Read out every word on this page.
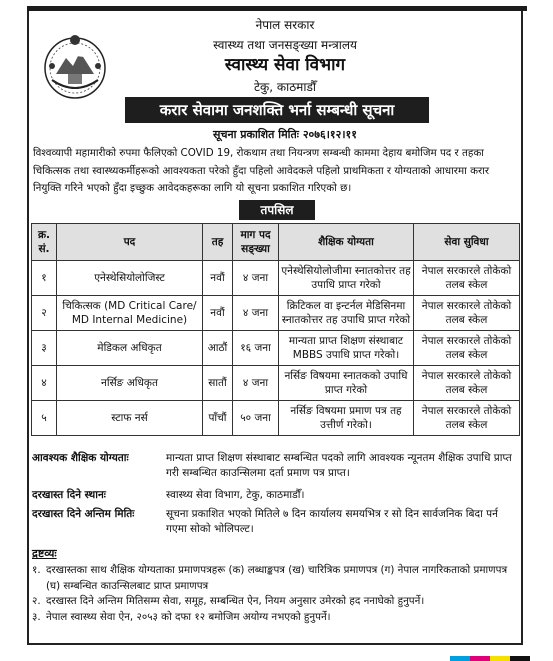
नेपाल सरकार
स्वास्थ्य तथा जनसङ्ख्या मन्त्रालय
स्वास्थ्य सेवा विभाग
टेकु, काठमाडौँ
करार सेवामा जनशक्ति भर्ना सम्बन्धी सूचना
सूचना प्रकाशित मितिः २०७६।१२।११
विश्वव्यापी महामारीको रुपमा फैलिएको COVID 19, रोकथाम तथा नियन्त्रण सम्बन्धी काममा देहाय बमोजिम पद र तहका चिकित्सक तथा स्वास्थ्यकर्मीहरूको आवश्यकता परेको हुँदा पहिलो आवेदकले पहिलो प्राथमिकता र योग्यताको आधारमा करार नियुक्ति गरिने भएको हुँदा इच्छुक आवेदकहरूका लागि यो सूचना प्रकाशित गरिएको छ।
तपसिल
क्र. सं.	पद	तह	माग पद सङ्ख्या	शैक्षिक योग्यता	सेवा सुविधा
१	एनेस्थेसियोलोजिस्ट	नवौं	४ जना	एनेस्थेसियोलोजीमा स्नातकोत्तर तह उपाधि प्राप्त गरेको	नेपाल सरकारले तोकेको तलब स्केल
२	चिकित्सक (MD Critical Care/ MD Internal Medicine)	नवौं	४ जना	क्रिटिकल वा इन्टर्नल मेडिसिनमा स्नातकोत्तर तह उपाधि प्राप्त गरेको	नेपाल सरकारले तोकेको तलब स्केल
३	मेडिकल अधिकृत	आठौं	१६ जना	मान्यता प्राप्त शिक्षण संस्थाबाट MBBS उपाधि प्राप्त गरेको।	नेपाल सरकारले तोकेको तलब स्केल
४	नर्सिङ अधिकृत	सातौं	४ जना	नर्सिङ विषयमा स्नातकको उपाधि प्राप्त गरेको	नेपाल सरकारले तोकेको तलब स्केल
५	स्टाफ नर्स	पाँचौं	५० जना	नर्सिङ विषयमा प्रमाण पत्र तह उत्तीर्ण गरेको।	नेपाल सरकारले तोकेको तलब स्केल
आवश्यक शैक्षिक योग्यताः	मान्यता प्राप्त शिक्षण संस्थाबाट सम्बन्धित पदको लागि आवश्यक न्यूनतम शैक्षिक उपाधि प्राप्त गरी सम्बन्धित काउन्सिलमा दर्ता प्रमाण पत्र प्राप्त।
दरखास्त दिने स्थानः	स्वास्थ्य सेवा विभाग, टेकु, काठमाडौँ।
दरखास्त दिने अन्तिम मितिः	सूचना प्रकाशित भएको मितिले ७ दिन कार्यालय समयभित्र र सो दिन सार्वजनिक बिदा पर्न गएमा सोको भोलिपल्ट।
द्रष्टव्यः
१. दरखास्तका साथ शैक्षिक योग्यताका प्रमाणपत्रहरू (क) लब्धाङ्कपत्र (ख) चारित्रिक प्रमाणपत्र (ग) नेपाल नागरिकताको प्रमाणपत्र (घ) सम्बन्धित काउन्सिलबाट प्राप्त प्रमाणपत्र
२. दरखास्त दिने अन्तिम मितिसम्म सेवा, समूह, सम्बन्धित ऐन, नियम अनुसार उमेरको हद ननाघेको हुनुपर्ने।
३. नेपाल स्वास्थ्य सेवा ऐन, २०५३ को दफा १२ बमोजिम अयोग्य नभएको हुनुपर्ने।
